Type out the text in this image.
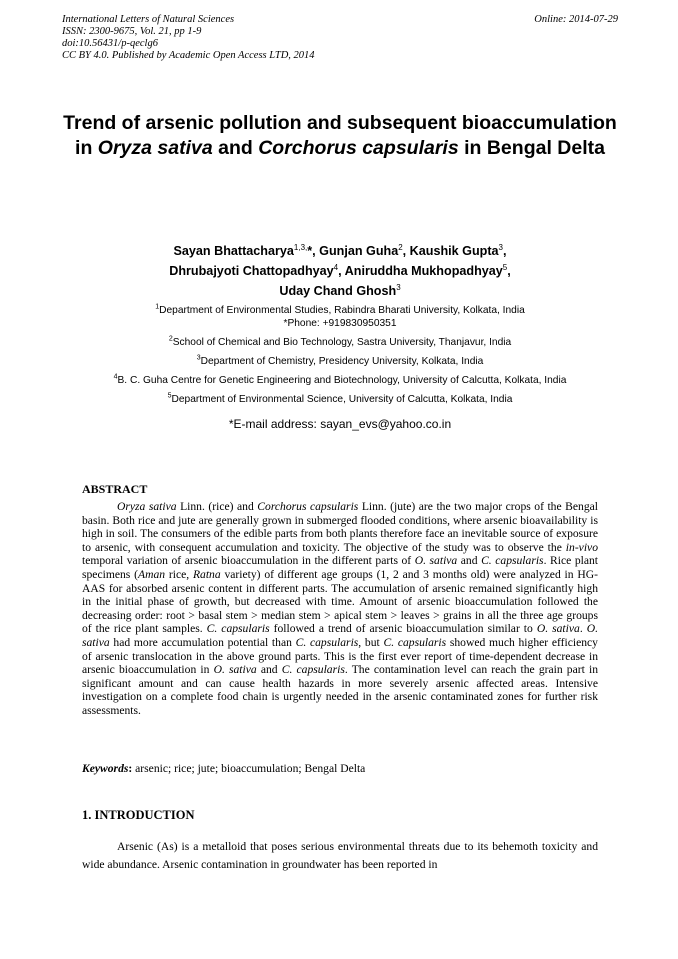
International Letters of Natural Sciences
ISSN: 2300-9675, Vol. 21, pp 1-9
doi:10.56431/p-qeclg6
CC BY 4.0. Published by Academic Open Access LTD, 2014
Online: 2014-07-29
Trend of arsenic pollution and subsequent bioaccumulation in Oryza sativa and Corchorus capsularis in Bengal Delta
Sayan Bhattacharya$^{1,3,}$*, Gunjan Guha$^2$, Kaushik Gupta$^3$,
Dhrubajyoti Chattopadhyay$^4$, Aniruddha Mukhopadhyay$^5$,
Uday Chand Ghosh$^3$
$^1$Department of Environmental Studies, Rabindra Bharati University, Kolkata, India
*Phone: +919830950351
$^2$School of Chemical and Bio Technology, Sastra University, Thanjavur, India
$^3$Department of Chemistry, Presidency University, Kolkata, India
$^4$B. C. Guha Centre for Genetic Engineering and Biotechnology, University of Calcutta, Kolkata, India
$^5$Department of Environmental Science, University of Calcutta, Kolkata, India
*E-mail address: sayan_evs@yahoo.co.in
ABSTRACT

Oryza sativa Linn. (rice) and Corchorus capsularis Linn. (jute) are the two major crops of the Bengal basin. Both rice and jute are generally grown in submerged flooded conditions, where arsenic bioavailability is high in soil. The consumers of the edible parts from both plants therefore face an inevitable source of exposure to arsenic, with consequent accumulation and toxicity. The objective of the study was to observe the in-vivo temporal variation of arsenic bioaccumulation in the different parts of O. sativa and C. capsularis. Rice plant specimens (Aman rice, Ratna variety) of different age groups (1, 2 and 3 months old) were analyzed in HG-AAS for absorbed arsenic content in different parts. The accumulation of arsenic remained significantly high in the initial phase of growth, but decreased with time. Amount of arsenic bioaccumulation followed the decreasing order: root > basal stem > median stem > apical stem > leaves > grains in all the three age groups of the rice plant samples. C. capsularis followed a trend of arsenic bioaccumulation similar to O. sativa. O. sativa had more accumulation potential than C. capsularis, but C. capsularis showed much higher efficiency of arsenic translocation in the above ground parts. This is the first ever report of time-dependent decrease in arsenic bioaccumulation in O. sativa and C. capsularis. The contamination level can reach the grain part in significant amount and can cause health hazards in more severely arsenic affected areas. Intensive investigation on a complete food chain is urgently needed in the arsenic contaminated zones for further risk assessments.

Keywords: arsenic; rice; jute; bioaccumulation; Bengal Delta

1. INTRODUCTION

Arsenic (As) is a metalloid that poses serious environmental threats due to its behemoth toxicity and wide abundance. Arsenic contamination in groundwater has been reported in
